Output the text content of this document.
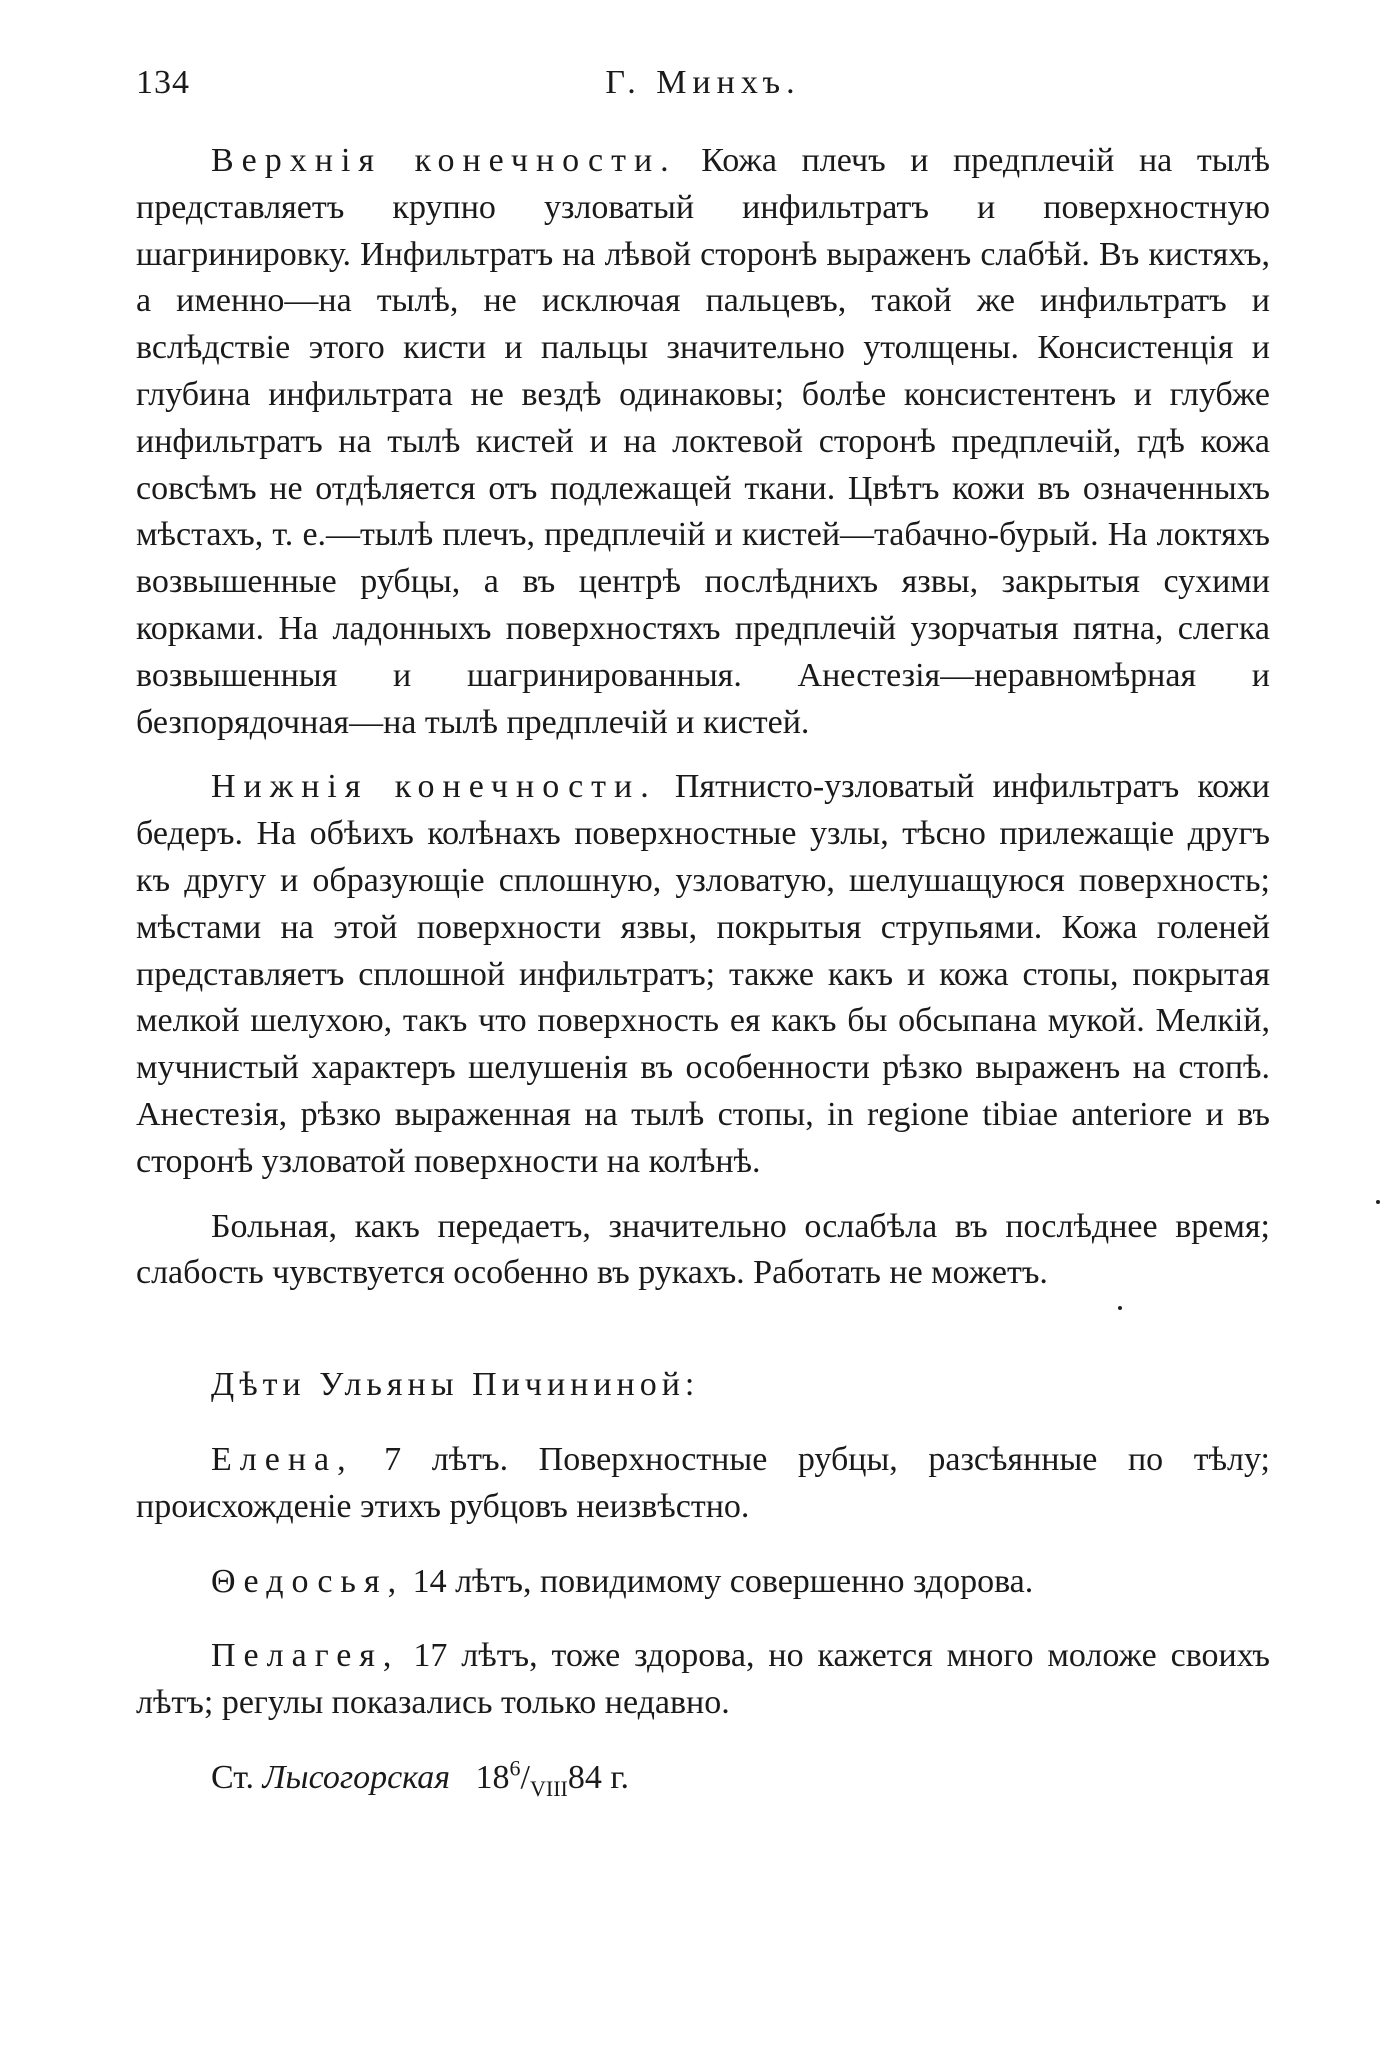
134	Г. Минхъ.

Верхнія конечности. Кожа плечъ и предплечій на тылѣ представляетъ крупно узловатый инфильтратъ и поверхностную шагринировку. Инфильтратъ на лѣвой сторонѣ выраженъ слабѣй. Въ кистяхъ, а именно—на тылѣ, не исключая пальцевъ, такой же инфильтратъ и вслѣдствіе этого кисти и пальцы значительно утолщены. Консистенція и глубина инфильтрата не вездѣ одинаковы; болѣе консистентенъ и глубже инфильтратъ на тылѣ кистей и на локтевой сторонѣ предплечій, гдѣ кожа совсѣмъ не отдѣляется отъ подлежащей ткани. Цвѣтъ кожи въ означенныхъ мѣстахъ, т. е.—тылѣ плечъ, предплечій и кистей—табачно-бурый. На локтяхъ возвышенные рубцы, а въ центрѣ послѣднихъ язвы, закрытыя сухими корками. На ладонныхъ поверхностяхъ предплечій узорчатыя пятна, слегка возвышенныя и шагринированныя. Анестезія—неравномѣрная и безпорядочная—на тылѣ предплечій и кистей.

Нижнія конечности. Пятнисто-узловатый инфильтратъ кожи бедеръ. На обѣихъ колѣнахъ поверхностные узлы, тѣсно прилежащіе другъ къ другу и образующіе сплошную, узловатую, шелушащуюся поверхность; мѣстами на этой поверхности язвы, покрытыя струпьями. Кожа голеней представляетъ сплошной инфильтратъ; также какъ и кожа стопы, покрытая мелкой шелухою, такъ что поверхность ея какъ бы обсыпана мукой. Мелкій, мучнистый характеръ шелушенія въ особенности рѣзко выраженъ на стопѣ. Анестезія, рѣзко выраженная на тылѣ стопы, in regione tibiae anteriore и въ сторонѣ узловатой поверхности на колѣнѣ.

Больная, какъ передаетъ, значительно ослабѣла въ послѣднее время; слабость чувствуется особенно въ рукахъ. Работать не можетъ.

Дѣти Ульяны Пичининой:

Елена, 7 лѣтъ. Поверхностные рубцы, разсѣянные по тѣлу; происхожденіе этихъ рубцовъ неизвѣстно.

Θедосья, 14 лѣтъ, повидимому совершенно здорова.

Пелагея, 17 лѣтъ, тоже здорова, но кажется много моложе своихъ лѣтъ; регулы показались только недавно.

Ст. Лысогорская $18^6/_{VIII}84$ г.
